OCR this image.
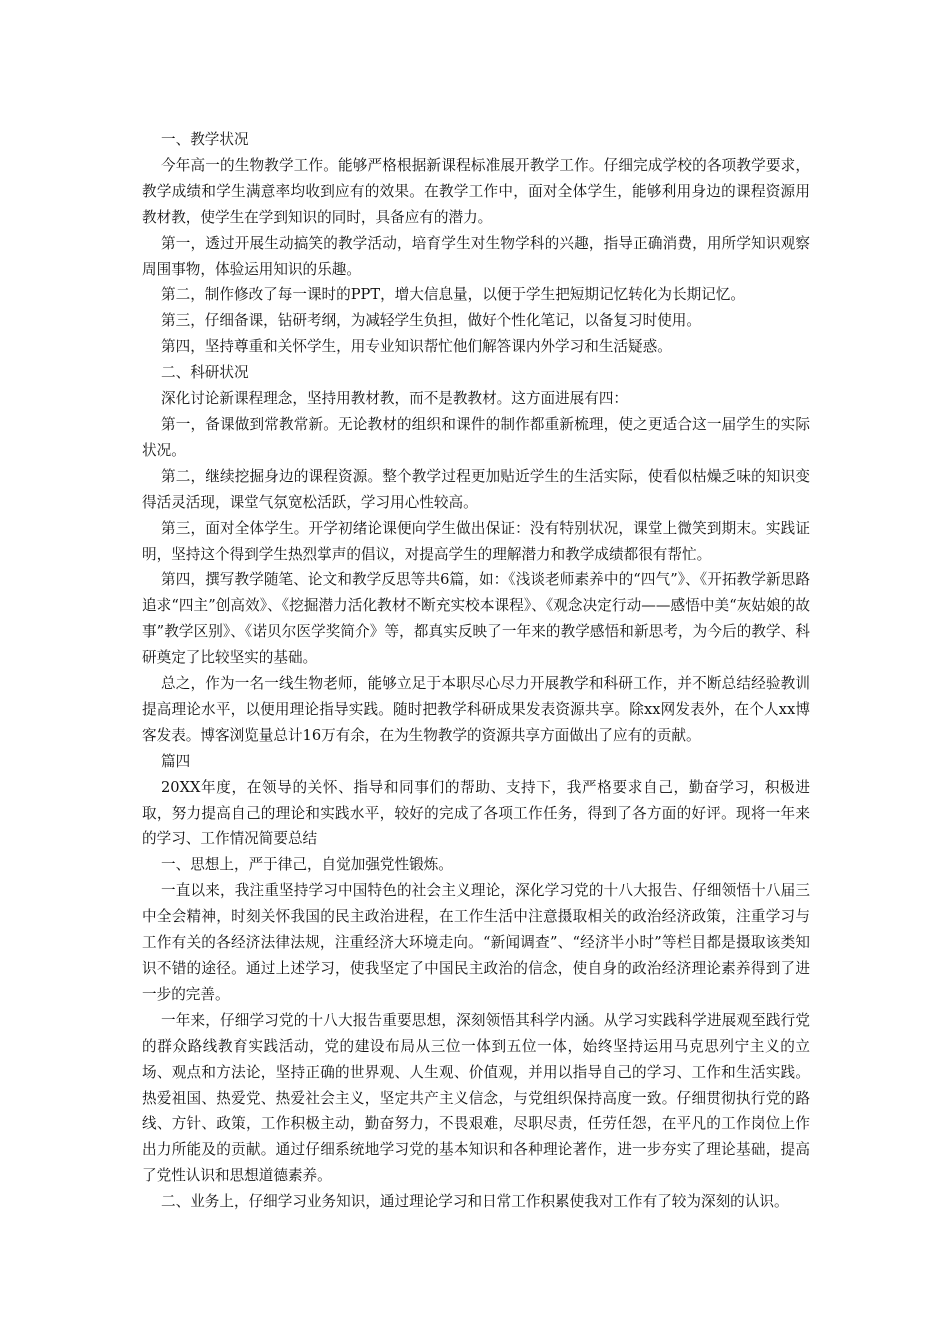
一、教学状况

今年高一的生物教学工作。能够严格根据新课程标准展开教学工作。仔细完成学校的各项教学要求，教学成绩和学生满意率均收到应有的效果。在教学工作中，面对全体学生，能够利用身边的课程资源用教材教，使学生在学到知识的同时，具备应有的潜力。

第一，透过开展生动搞笑的教学活动，培育学生对生物学科的兴趣，指导正确消费，用所学知识观察周围事物，体验运用知识的乐趣。

第二，制作修改了每一课时的PPT，增大信息量，以便于学生把短期记忆转化为长期记忆。

第三，仔细备课，钻研考纲，为减轻学生负担，做好个性化笔记，以备复习时使用。

第四，坚持尊重和关怀学生，用专业知识帮忙他们解答课内外学习和生活疑惑。

二、科研状况

深化讨论新课程理念，坚持用教材教，而不是教教材。这方面进展有四：

第一，备课做到常教常新。无论教材的组织和课件的制作都重新梳理，使之更适合这一届学生的实际状况。

第二，继续挖掘身边的课程资源。整个教学过程更加贴近学生的生活实际，使看似枯燥乏味的知识变得活灵活现，课堂气氛宽松活跃，学习用心性较高。

第三，面对全体学生。开学初绪论课便向学生做出保证：没有特别状况，课堂上微笑到期末。实践证明，坚持这个得到学生热烈掌声的倡议，对提高学生的理解潜力和教学成绩都很有帮忙。

第四，撰写教学随笔、论文和教学反思等共6篇，如：《浅谈老师素养中的“四气”》、《开拓教学新思路追求“四主”创高效》、《挖掘潜力活化教材不断充实校本课程》、《观念决定行动——感悟中美“灰姑娘的故事”教学区别》、《诺贝尔医学奖简介》等，都真实反映了一年来的教学感悟和新思考，为今后的教学、科研奠定了比较坚实的基础。

总之，作为一名一线生物老师，能够立足于本职尽心尽力开展教学和科研工作，并不断总结经验教训提高理论水平，以便用理论指导实践。随时把教学科研成果发表资源共享。除xx网发表外，在个人xx博客发表。博客浏览量总计16万有余，在为生物教学的资源共享方面做出了应有的贡献。

篇四

20XX年度，在领导的关怀、指导和同事们的帮助、支持下，我严格要求自己，勤奋学习，积极进取，努力提高自己的理论和实践水平，较好的完成了各项工作任务，得到了各方面的好评。现将一年来的学习、工作情况简要总结

一、思想上，严于律己，自觉加强党性锻炼。

一直以来，我注重坚持学习中国特色的社会主义理论，深化学习党的十八大报告、仔细领悟十八届三中全会精神，时刻关怀我国的民主政治进程，在工作生活中注意摄取相关的政治经济政策，注重学习与工作有关的各经济法律法规，注重经济大环境走向。“新闻调查”、“经济半小时”等栏目都是摄取该类知识不错的途径。通过上述学习，使我坚定了中国民主政治的信念，使自身的政治经济理论素养得到了进一步的完善。

一年来，仔细学习党的十八大报告重要思想，深刻领悟其科学内涵。从学习实践科学进展观至践行党的群众路线教育实践活动，党的建设布局从三位一体到五位一体，始终坚持运用马克思列宁主义的立场、观点和方法论，坚持正确的世界观、人生观、价值观，并用以指导自己的学习、工作和生活实践。热爱祖国、热爱党、热爱社会主义，坚定共产主义信念，与党组织保持高度一致。仔细贯彻执行党的路线、方针、政策，工作积极主动，勤奋努力，不畏艰难，尽职尽责，任劳任怨，在平凡的工作岗位上作出力所能及的贡献。通过仔细系统地学习党的基本知识和各种理论著作，进一步夯实了理论基础，提高了党性认识和思想道德素养。

二、业务上，仔细学习业务知识，通过理论学习和日常工作积累使我对工作有了较为深刻的认识。
